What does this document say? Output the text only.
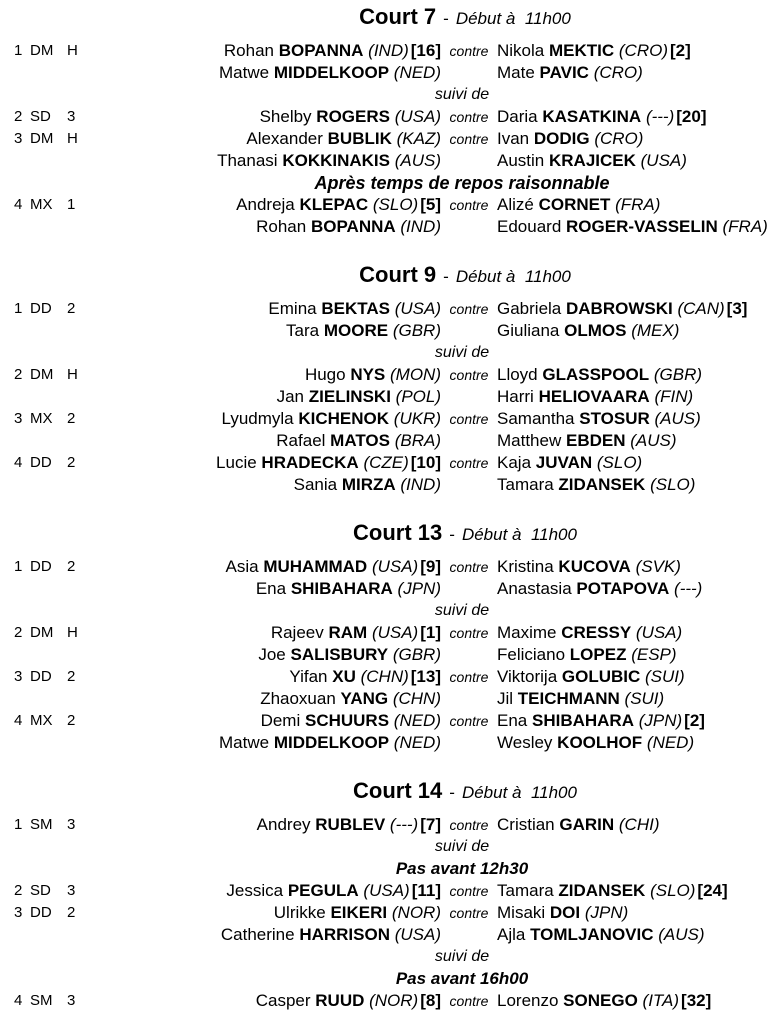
Court 7 - Début à  11h00
1 DM H	Rohan BOPANNA (IND) [16] contre Nikola MEKTIC (CRO) [2]
Matwe MIDDELKOOP (NED)	Mate PAVIC (CRO)
suivi de
2 SD	3	Shelby ROGERS (USA) contre Daria KASATKINA (---) [20]
3 DM H	Alexander BUBLIK (KAZ) contre Ivan DODIG (CRO)
Thanasi KOKKINAKIS (AUS)	Austin KRAJICEK (USA)
Après temps de repos raisonnable
4 MX 1	Andreja KLEPAC (SLO) [5] contre Alizé CORNET (FRA)
Rohan BOPANNA (IND)	Edouard ROGER-VASSELIN (FRA)
Court 9 - Début à  11h00
1 DD	2	Emina BEKTAS (USA) contre Gabriela DABROWSKI (CAN) [3]
Tara MOORE (GBR)	Giuliana OLMOS (MEX)
suivi de
2 DM H	Hugo NYS (MON) contre Lloyd GLASSPOOL (GBR)
Jan ZIELINSKI (POL)	Harri HELIOVAARA (FIN)
3 MX 2	Lyudmyla KICHENOK (UKR) contre Samantha STOSUR (AUS)
Rafael MATOS (BRA)	Matthew EBDEN (AUS)
4 DD	2	Lucie HRADECKA (CZE) [10] contre Kaja JUVAN (SLO)
Sania MIRZA (IND)	Tamara ZIDANSEK (SLO)
Court 13 - Début à  11h00
1 DD	2	Asia MUHAMMAD (USA) [9] contre Kristina KUCOVA (SVK)
Ena SHIBAHARA (JPN)	Anastasia POTAPOVA (---)
suivi de
2 DM H	Rajeev RAM (USA) [1] contre Maxime CRESSY (USA)
Joe SALISBURY (GBR)	Feliciano LOPEZ (ESP)
3 DD	2	Yifan XU (CHN) [13] contre Viktorija GOLUBIC (SUI)
Zhaoxuan YANG (CHN)	Jil TEICHMANN (SUI)
4 MX 2	Demi SCHUURS (NED) contre Ena SHIBAHARA (JPN) [2]
Matwe MIDDELKOOP (NED)	Wesley KOOLHOF (NED)
Court 14 - Début à  11h00
1 SM 3	Andrey RUBLEV (---) [7] contre Cristian GARIN (CHI)
suivi de
Pas avant 12h30
2 SD	3	Jessica PEGULA (USA) [11] contre Tamara ZIDANSEK (SLO) [24]
3 DD	2	Ulrikke EIKERI (NOR) contre Misaki DOI (JPN)
Catherine HARRISON (USA)	Ajla TOMLJANOVIC (AUS)
suivi de
Pas avant 16h00
4 SM 3	Casper RUUD (NOR) [8] contre Lorenzo SONEGO (ITA) [32]
